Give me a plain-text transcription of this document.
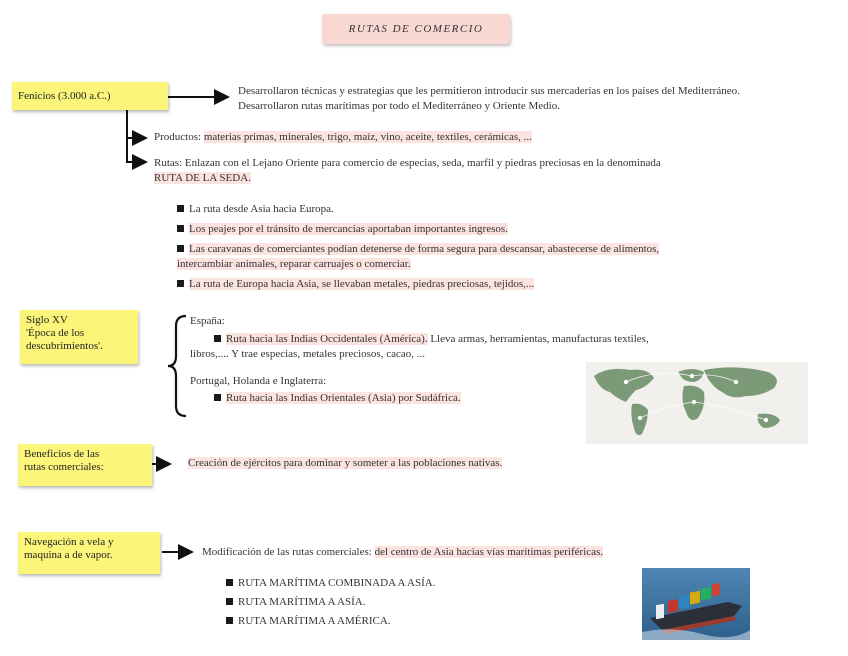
RUTAS DE COMERCIO
Fenicios (3.000 a.C.)	Desarrollaron técnicas y estrategias que les permitieron introducir sus mercaderías en los países del Mediterráneo. Desarrollaron rutas marítimas por todo el Mediterráneo y Oriente Medio.
Productos: materias primas, minerales, trigo, maíz, vino, aceite, textiles, cerámicas, ...
Rutas: Enlazan con el Lejano Oriente para comercio de especias, seda, marfil y piedras preciosas en la denominada
RUTA DE LA SEDA.
La ruta desde Asia hacia Europa.
Los peajes por el tránsito de mercancías aportaban importantes ingresos.
Las caravanas de comerciantes podían detenerse de forma segura para descansar, abastecerse de alimentos,
intercambiar animales, reparar carruajes o comerciar.
La ruta de Europa hacia Asia, se llevaban metales, piedras preciosas, tejidos,...
Siglo XV
'Época de los
descubrimientos'.
España:
Ruta hacia las Indias Occidentales (América). Lleva armas, herramientas, manufacturas textiles,
libros,.... Y trae especias, metales preciosos, cacao, ...
Portugal, Holanda e Inglaterra:
Ruta hacia las Indias Orientales (Asia) por Sudáfrica.
Beneficios de las
rutas comerciales:	Creación de ejércitos para dominar y someter a las poblaciones nativas.
Navegación a vela y
maquina a de vapor.	Modificación de las rutas comerciales: del centro de Asia hacias vías marítimas periféricas.
RUTA MARÍTIMA COMBINADA A ASÍA.
RUTA MARÍTIMA A ASÍA.
RUTA MARÍTIMA A AMÉRICA.
